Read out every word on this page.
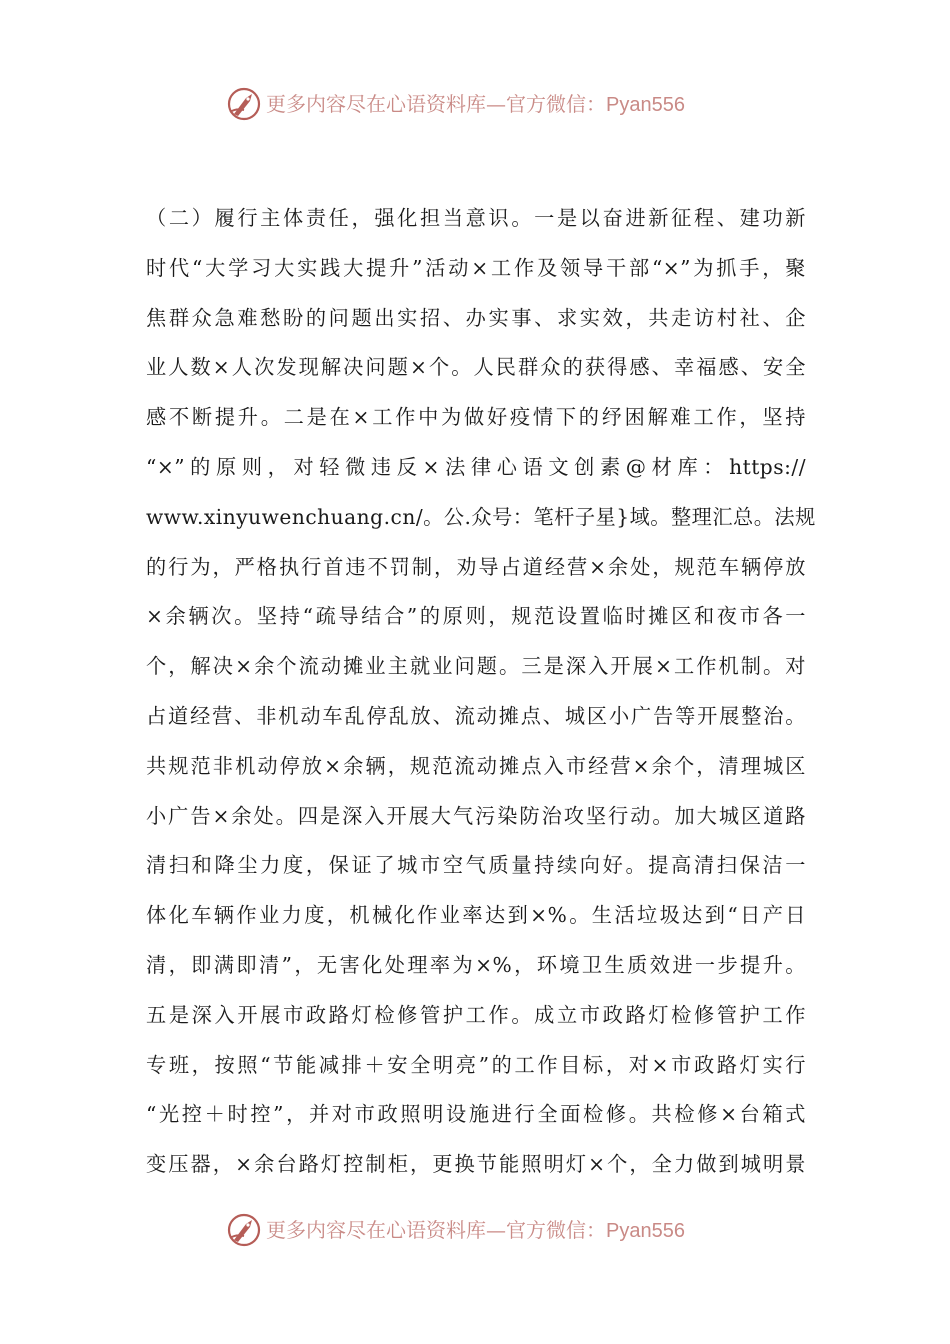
更多内容尽在心语资料库—官方微信：Pyan556
（二）履行主体责任，强化担当意识。一是以奋进新征程、建功新
时代“大学习大实践大提升”活动×工作及领导干部“×”为抓手，聚
焦群众急难愁盼的问题出实招、办实事、求实效，共走访村社、企
业人数×人次发现解决问题×个。人民群众的获得感、幸福感、安全
感不断提升。二是在×工作中为做好疫情下的纾困解难工作，坚持
“×”的原则，对轻微违反×法律心语文创素@材库：https://
www.xinyuwenchuang.cn/。公.众号：笔杆子星}域。整理汇总。法规
的行为，严格执行首违不罚制，劝导占道经营×余处，规范车辆停放
×余辆次。坚持“疏导结合”的原则，规范设置临时摊区和夜市各一
个，解决×余个流动摊业主就业问题。三是深入开展×工作机制。对
占道经营、非机动车乱停乱放、流动摊点、城区小广告等开展整治。
共规范非机动停放×余辆，规范流动摊点入市经营×余个，清理城区
小广告×余处。四是深入开展大气污染防治攻坚行动。加大城区道路
清扫和降尘力度，保证了城市空气质量持续向好。提高清扫保洁一
体化车辆作业力度，机械化作业率达到×%。生活垃圾达到“日产日
清，即满即清”，无害化处理率为×%，环境卫生质效进一步提升。
五是深入开展市政路灯检修管护工作。成立市政路灯检修管护工作
专班，按照“节能减排＋安全明亮”的工作目标，对×市政路灯实行
“光控＋时控”，并对市政照明设施进行全面检修。共检修×台箱式
变压器，×余台路灯控制柜，更换节能照明灯×个，全力做到城明景
更多内容尽在心语资料库—官方微信：Pyan556
